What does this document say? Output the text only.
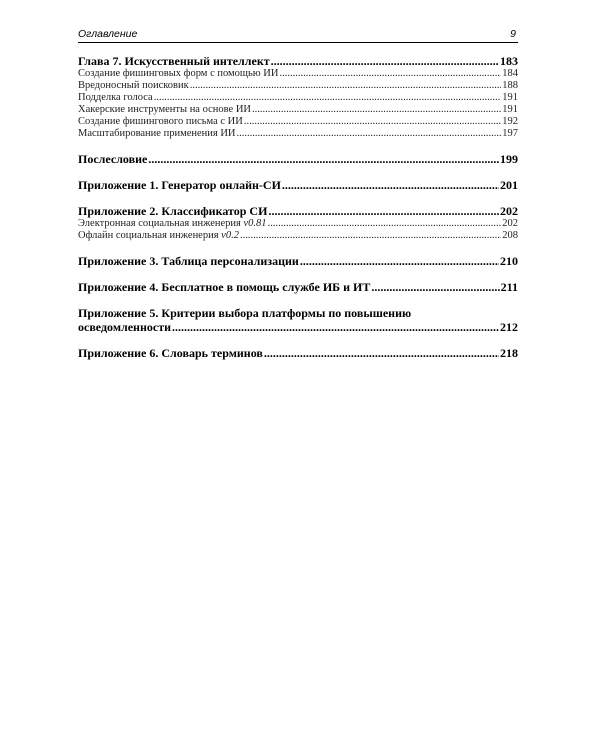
Оглавление	9
Глава 7. Искусственный интеллект .....	183
Создание фишинговых форм с помощью ИИ .....	184
Вредоносный поисковик .....	188
Подделка голоса .....	191
Хакерские инструменты на основе ИИ .....	191
Создание фишингового письма с ИИ .....	192
Масштабирование применения ИИ .....	197
Послесловие .....	199
Приложение 1. Генератор онлайн-СИ .....	201
Приложение 2. Классификатор СИ .....	202
Электронная социальная инженерия v0.81 .....	202
Офлайн социальная инженерия v0.2 .....	208
Приложение 3. Таблица персонализации .....	210
Приложение 4. Бесплатное в помощь службе ИБ и ИТ .....	211
Приложение 5. Критерии выбора платформы по повышению
осведомленности .....	212
Приложение 6. Словарь терминов .....	218
